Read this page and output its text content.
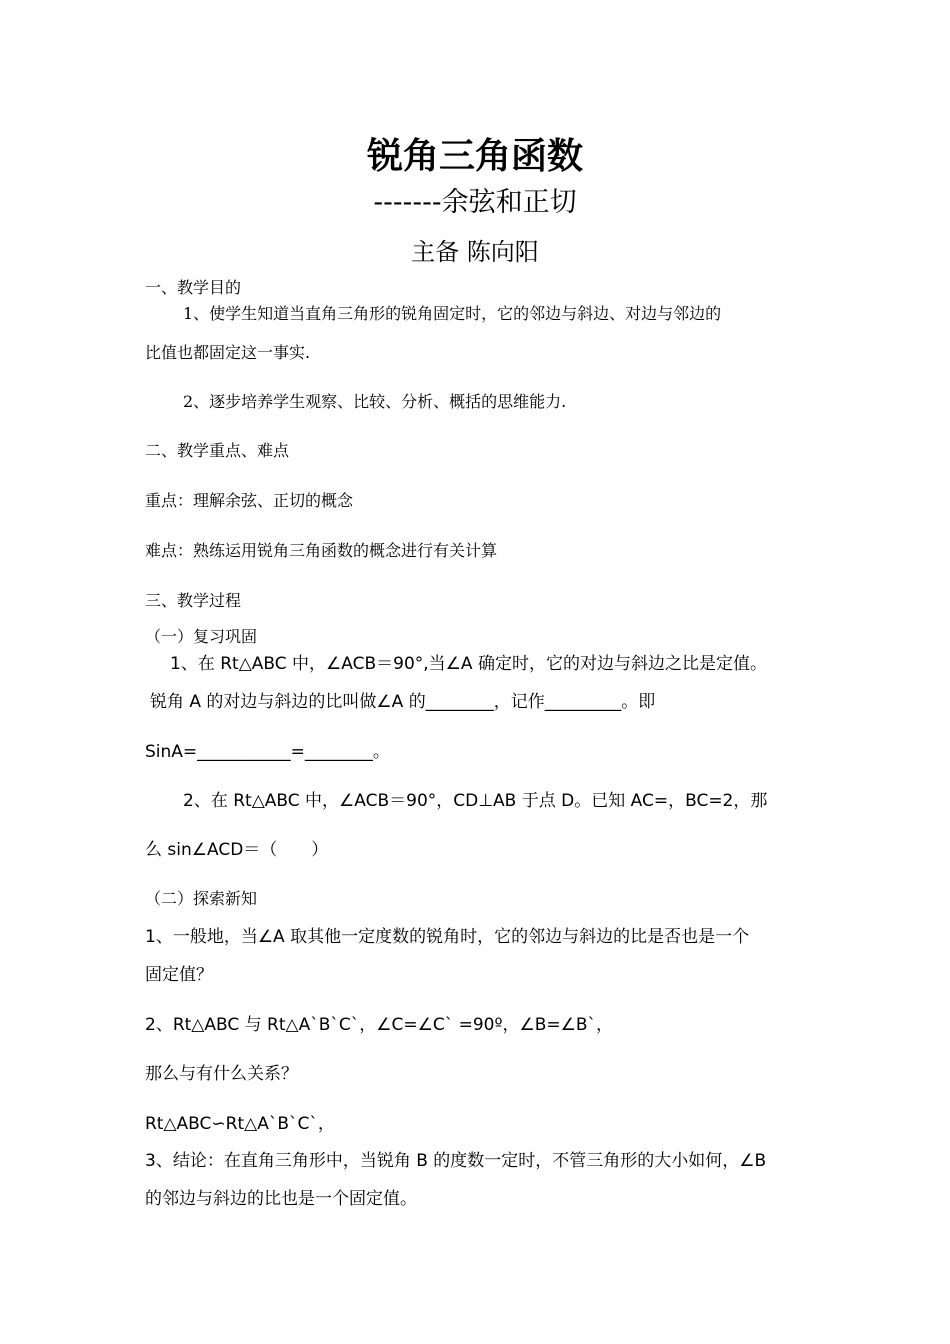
锐角三角函数
-------余弦和正切
主备 陈向阳
一、教学目的
1、使学生知道当直角三角形的锐角固定时，它的邻边与斜边、对边与邻边的
比值也都固定这一事实.
2、逐步培养学生观察、比较、分析、概括的思维能力.
二、教学重点、难点
重点：理解余弦、正切的概念
难点：熟练运用锐角三角函数的概念进行有关计算
三、教学过程
（一）复习巩固
1、在 Rt△ABC 中，∠ACB＝90°,当∠A 确定时，它的对边与斜边之比是定值。
锐角 A 的对边与斜边的比叫做∠A 的________，记作_________。即
SinA=___________=________。
2、在 Rt△ABC 中，∠ACB＝90°，CD⊥AB 于点 D。已知 AC=，BC=2，那
么 sin∠ACD＝（　　）
（二）探索新知
1、一般地，当∠A 取其他一定度数的锐角时，它的邻边与斜边的比是否也是一个
固定值？
2、Rt△ABC 与 Rt△A`B`C`，∠C=∠C` =90º，∠B=∠B`，
那么与有什么关系？
Rt△ABC∽Rt△A`B`C`，
3、结论：在直角三角形中，当锐角 B 的度数一定时，不管三角形的大小如何，∠B
的邻边与斜边的比也是一个固定值。
